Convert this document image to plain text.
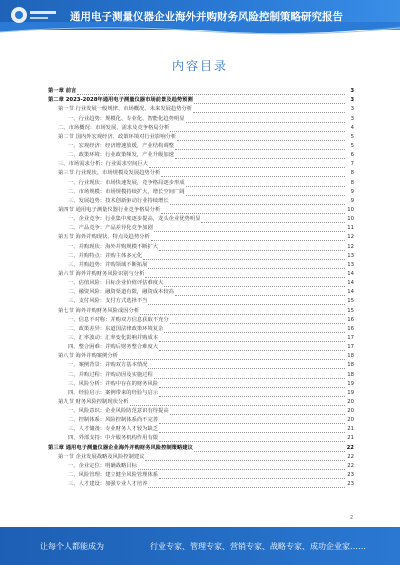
通用电子测量仪器企业海外并购财务风险控制策略研究报告
内容目录
第一章 前言	3
第二章 2023-2028年通用电子测量仪器市场前景及趋势预测	3
第一节 行业发展一般规律、市场概况、未来发展趋势分析	3
一、行业趋势：规模化、专业化、智能化趋势明显	3
二、市场概况：市场发展、需求及竞争格局分析	4
第二节 国内外宏观经济、政策环境对行业影响分析	5
一、宏观经济：经济增速放缓，产业结构调整	5
二、政策环境：行业政策频发，产业升级加速	6
三、市场需求分析：行业需求空间巨大	7
第三节 行业现状、市场规模及发展趋势分析	8
一、行业现状：市场快速发展，竞争格局逐步形成	8
二、市场规模：市场规模持续扩大，增长空间广阔	9
三、发展趋势：技术创新驱动行业持续增长	9
第四节 通用电子测量仪器行业竞争格局分析	10
一、企业竞争：行业集中度逐步提高，龙头企业优势明显	10
二、产品竞争：产品差异化竞争加剧	11
第五节 海外并购现状、特点及趋势分析	12
一、并购现状：海外并购规模不断扩大	12
二、并购特点：并购主体多元化	13
三、并购趋势：并购领域不断拓展	13
第六节 海外并购财务风险识别与分析	14
一、估值风险：目标企业价值评估难度大	14
二、融资风险：融资渠道有限，融资成本较高	14
三、支付风险：支付方式选择不当	15
第七节 海外并购财务风险成因分析	15
一、信息不对称：并购双方信息获取不充分	16
二、政策差异：东道国法律政策环境复杂	16
三、汇率波动：汇率变化影响并购成本	17
四、整合困难：并购后财务整合难度大	17
第八节 海外并购案例分析	18
一、案例背景：并购双方基本情况	18
二、并购过程：并购动因及实施过程	18
三、风险分析：并购中存在的财务风险	19
四、经验启示：案例带来的经验与启示	19
第九节 财务风险控制现状分析	20
一、风险意识：企业风险防范意识有待提高	20
二、控制体系：风险控制体系尚不完善	20
三、人才储备：专业财务人才较为缺乏	21
四、外部支持：中介服务机构作用有限	21
第三章 通用电子测量仪器企业海外并购财务风险控制策略建议	22
第一节 企业发展战略及风险控制建议	22
一、企业定位：明确战略目标	22
二、风险管理：建立健全风险管理体系	23
三、人才建设：加强专业人才培养	23
2
让每个人都能成为	行业专家、管理专家、营销专家、战略专家、成功企业家……
